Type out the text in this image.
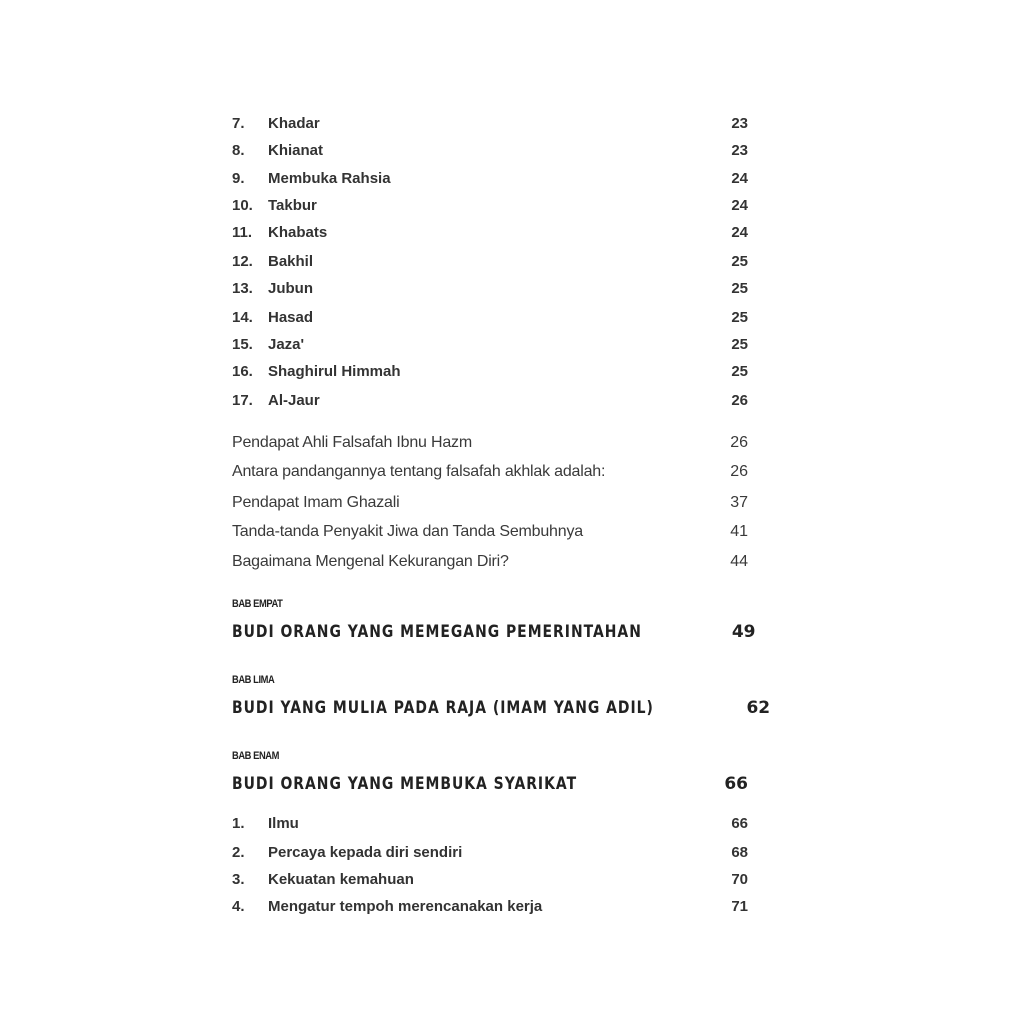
7.	Khadar	23
8.	Khianat	23
9.	Membuka Rahsia	24
10.	Takbur	24
11.	Khabats	24
12.	Bakhil	25
13.	Jubun	25
14.	Hasad	25
15.	Jaza'	25
16.	Shaghirul Himmah	25
17.	Al-Jaur	26
Pendapat Ahli Falsafah Ibnu Hazm	26
Antara pandangannya tentang falsafah akhlak adalah:	26
Pendapat Imam Ghazali	37
Tanda-tanda Penyakit Jiwa dan Tanda Sembuhnya	41
Bagaimana Mengenal Kekurangan Diri?	44
BAB EMPAT
BUDI ORANG YANG MEMEGANG PEMERINTAHAN	49
BAB LIMA
BUDI YANG MULIA PADA RAJA (IMAM YANG ADIL)	62
BAB ENAM
BUDI ORANG YANG MEMBUKA SYARIKAT	66
1.	Ilmu	66
2.	Percaya kepada diri sendiri	68
3.	Kekuatan kemahuan	70
4.	Mengatur tempoh merencanakan kerja	71
